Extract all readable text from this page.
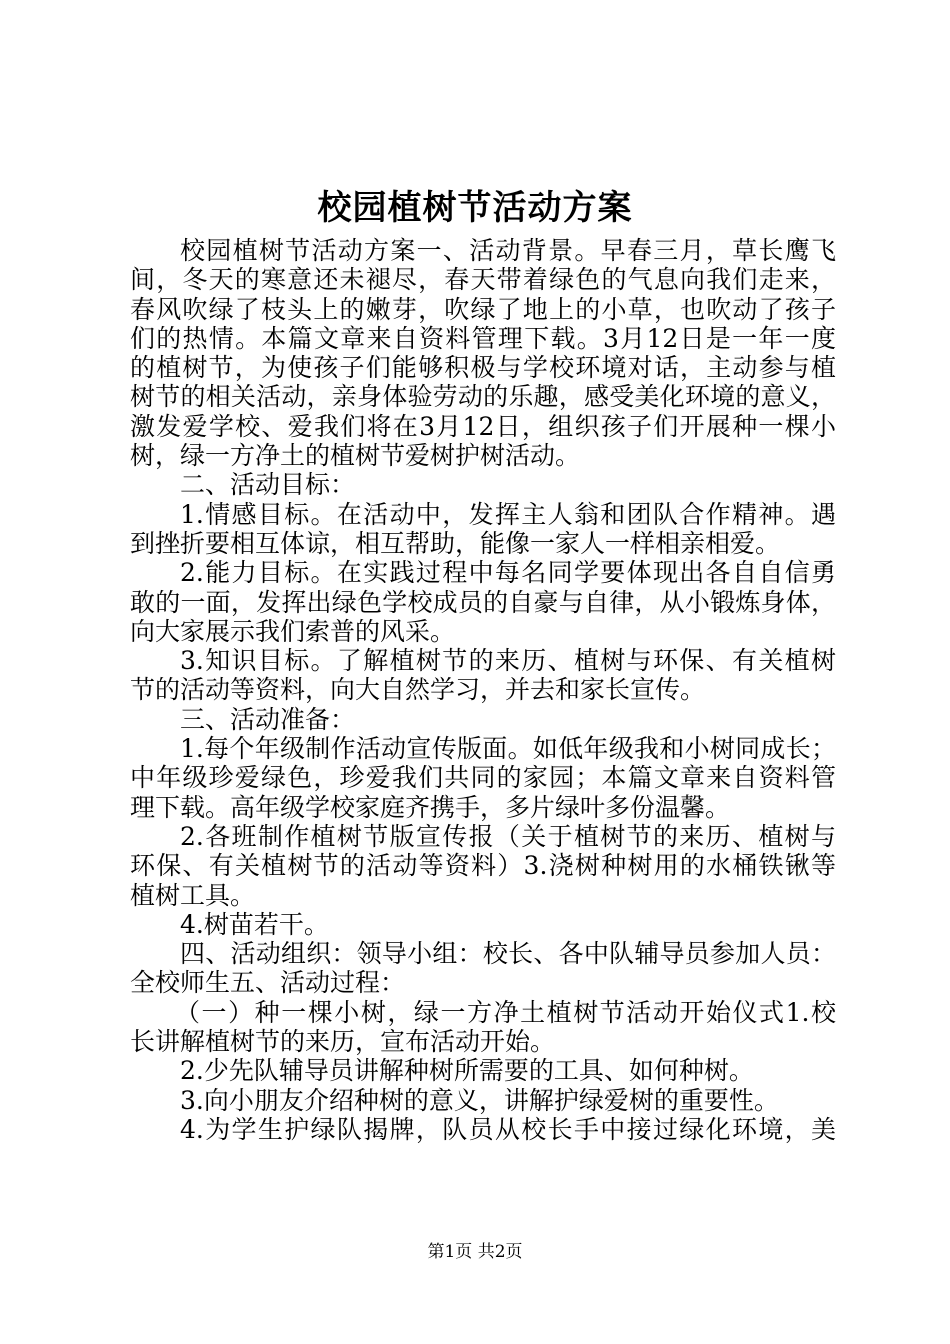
校园植树节活动方案
校园植树节活动方案一、活动背景。早春三月，草长鹰飞
间，冬天的寒意还未褪尽，春天带着绿色的气息向我们走来，
春风吹绿了枝头上的嫩芽，吹绿了地上的小草，也吹动了孩子
们的热情。本篇文章来自资料管理下载。3月12日是一年一度
的植树节，为使孩子们能够积极与学校环境对话，主动参与植
树节的相关活动，亲身体验劳动的乐趣，感受美化环境的意义，
激发爱学校、爱我们将在3月12日，组织孩子们开展种一棵小
树，绿一方净土的植树节爱树护树活动。
二、活动目标：
1.情感目标。在活动中，发挥主人翁和团队合作精神。遇
到挫折要相互体谅，相互帮助，能像一家人一样相亲相爱。
2.能力目标。在实践过程中每名同学要体现出各自自信勇
敢的一面，发挥出绿色学校成员的自豪与自律，从小锻炼身体，
向大家展示我们索普的风采。
3.知识目标。了解植树节的来历、植树与环保、有关植树
节的活动等资料，向大自然学习，并去和家长宣传。
三、活动准备：
1.每个年级制作活动宣传版面。如低年级我和小树同成长；
中年级珍爱绿色，珍爱我们共同的家园；本篇文章来自资料管
理下载。高年级学校家庭齐携手，多片绿叶多份温馨。
2.各班制作植树节版宣传报（关于植树节的来历、植树与
环保、有关植树节的活动等资料）3.浇树种树用的水桶铁锹等
植树工具。
4.树苗若干。
四、活动组织：领导小组：校长、各中队辅导员参加人员：
全校师生五、活动过程：
（一）种一棵小树，绿一方净土植树节活动开始仪式1.校
长讲解植树节的来历，宣布活动开始。
2.少先队辅导员讲解种树所需要的工具、如何种树。
3.向小朋友介绍种树的意义，讲解护绿爱树的重要性。
4.为学生护绿队揭牌，队员从校长手中接过绿化环境，美
第1页 共2页
